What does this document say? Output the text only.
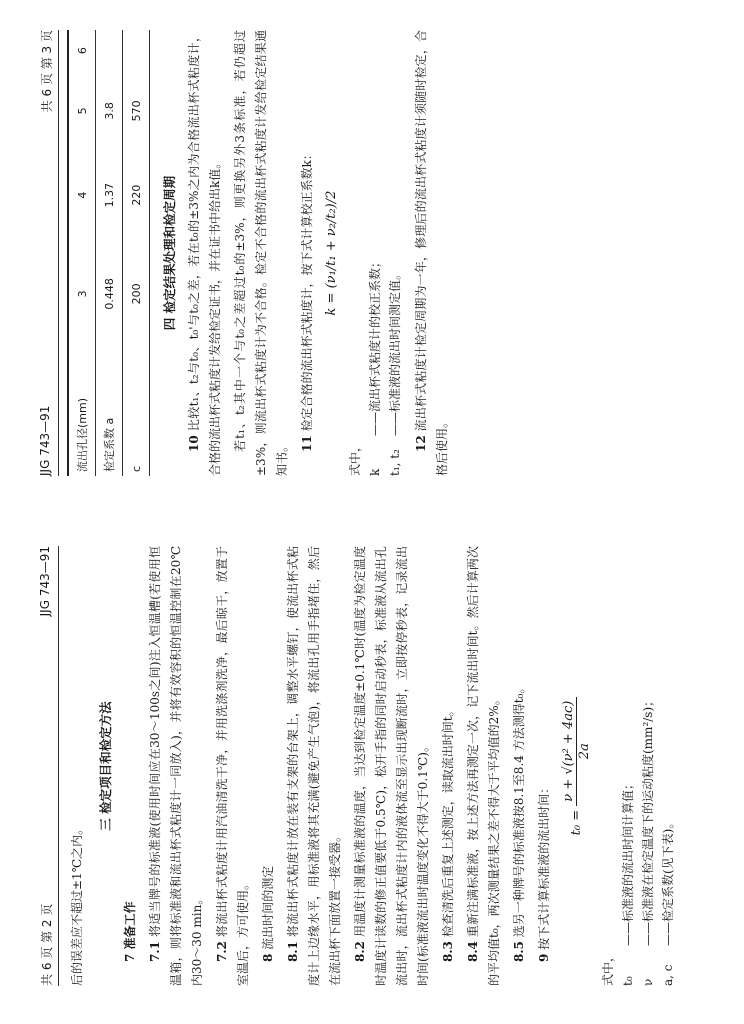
共 6 页 第 2 页
JJG 743—91

后的误差应不超过±1℃之内。

三 检定项目和检定方法

7 准备工作 7.1 将适当牌号的标准液(使用时间应在30～100s之间)注入恒温槽(若使用恒温箱，则将标准液和流出杯式粘度计一同放入)，并将有效容积的恒温控制在20℃内30～30 min。 7.2 将流出杯式粘度计用汽油清洗干净，并用洗涤剂洗净，最后晾干，放置于室温后，方可使用。 8 流出时间的测定

8.1 将流出杯式粘度计放在装有支架的台架上，调整水平螺钉，使流出杯式粘度计上边缘水平，用标准液将其充满(避免产生气泡)，将流出孔用手指堵住，然后在流出杯下面放置一接受器。 8.2 用温度计测量标准液的温度，当达到检定温度±0.1℃时(温度为检定温度时温度计读数的修正值要低于0.5℃)，松开手指的同时启动秒表，标准液从流出孔流出时，流出杯式粘度计内的液体流至显示出现断流时，立即按停秒表，记录流出时间(标准液流出时温度变化不得大于0.1℃)。 8.3 检查清洗后重复上述测定，读取流出时间t。

8.4 重新注满标准液，按上述方法再测定一次，记下流出时间t。然后计算两次的平均值t₀，两次测量结果之差不得大于平均值的2%。 8.5 选另一种牌号的标准液按8.1至8.4 方法测得t₀。

9 按下式计算标准液的流出时间：	t₀ =
ν + √(ν² + 4ac) 2a

式中， t₀——标准液的流出时间计算值；

ν——标准液在检定温度下的运动粘度(mm²/s)；

a, c——检定系数(见下表)。

JJG 743—91
共 6 页 第 3 页
流出孔径(mm)	3	4	5	6
检定系数 a	0.448	1.37	3.8	
c	200	220	570	
四 检定结果处理和检定周期

10 比较t₁、t₂与t₀、t₀'与t₀之差，若在t₀的±3%之内为合格流出杯式粘度计，合格的流出杯式粘度计发给检定证书，并在证书中给出k值。 若t₁、t₂其中一个与t₀之差超过t₀的±3%，则更换另外3条标准，若仍超过±3%，则流出杯式粘度计为不合格。检定不合格的流出杯式粘度计发给检定结果通知书。 11 检定合格的流出杯式粘度计，按下式计算校正系数k： k = (ν₁/t₁ + ν₂/t₂)/2

式中， k——流出杯式粘度计的校正系数；

t₁, t₂——标准液的流出时间测定值。

12 流出杯式粘度计检定周期为一年，修理后的流出杯式粘度计须随时检定，合格后使用。
